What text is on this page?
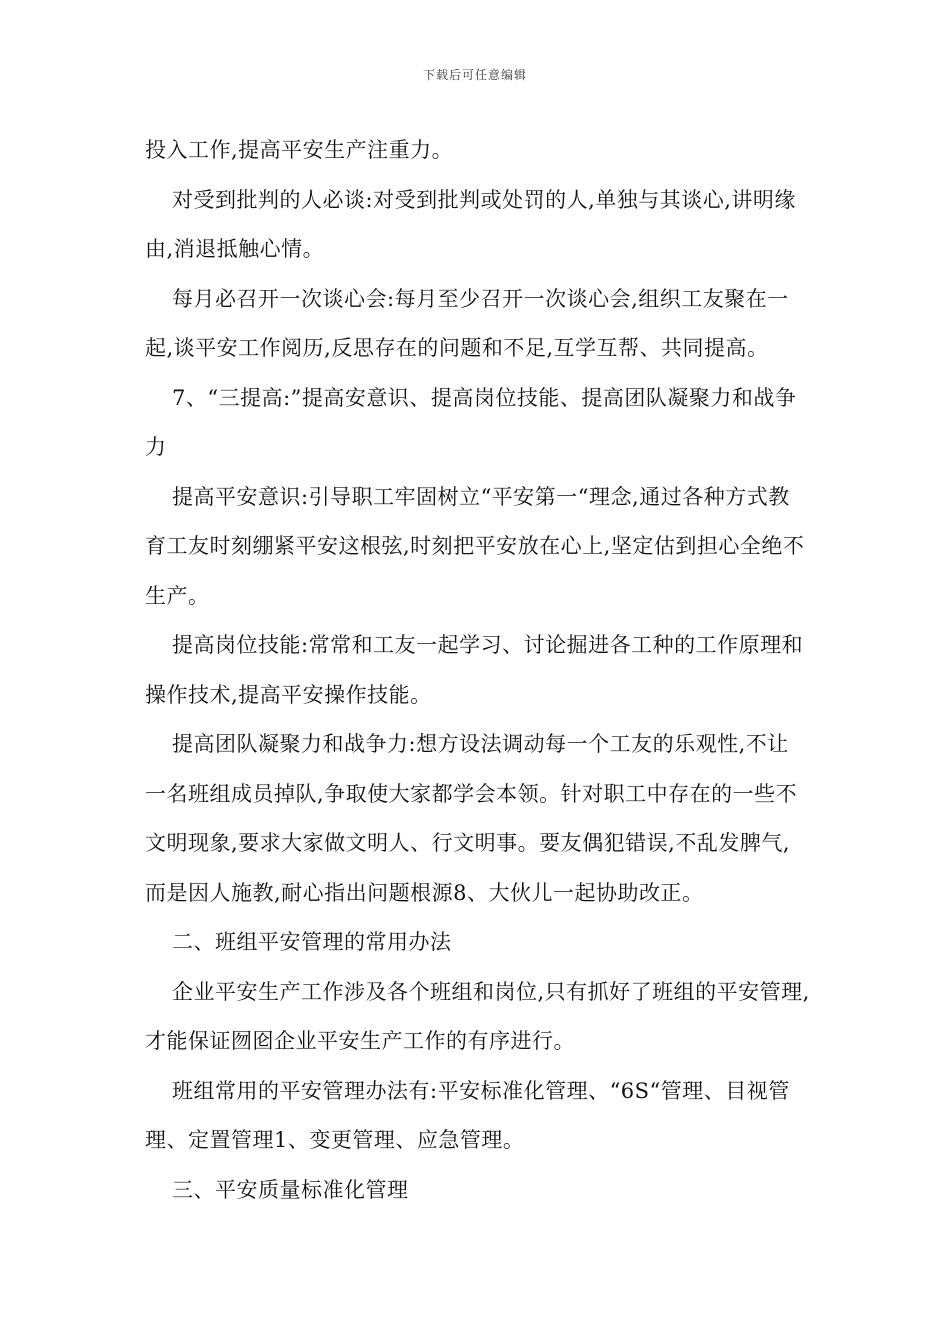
下载后可任意编辑

投入工作,提高平安生产注重力。

对受到批判的人必谈:对受到批判或处罚的人,单独与其谈心,讲明缘由,消退抵触心情。

每月必召开一次谈心会:每月至少召开一次谈心会,组织工友聚在一起,谈平安工作阅历,反思存在的问题和不足,互学互帮、共同提高。

7、“三提高:”提高安意识、提高岗位技能、提高团队凝聚力和战争力

提高平安意识:引导职工牢固树立“平安第一“理念,通过各种方式教育工友时刻绷紧平安这根弦,时刻把平安放在心上,坚定估到担心全绝不生产。

提高岗位技能:常常和工友一起学习、讨论掘进各工种的工作原理和操作技术,提高平安操作技能。

提高团队凝聚力和战争力:想方设法调动每一个工友的乐观性,不让一名班组成员掉队,争取使大家都学会本领。针对职工中存在的一些不文明现象,要求大家做文明人、行文明事。要友偶犯错误,不乱发脾气,而是因人施教,耐心指出问题根源8、大伙儿一起协助改正。

二、班组平安管理的常用办法

企业平安生产工作涉及各个班组和岗位,只有抓好了班组的平安管理,才能保证囫囵企业平安生产工作的有序进行。

班组常用的平安管理办法有:平安标准化管理、“6S“管理、目视管理、定置管理1、变更管理、应急管理。

三、平安质量标准化管理
